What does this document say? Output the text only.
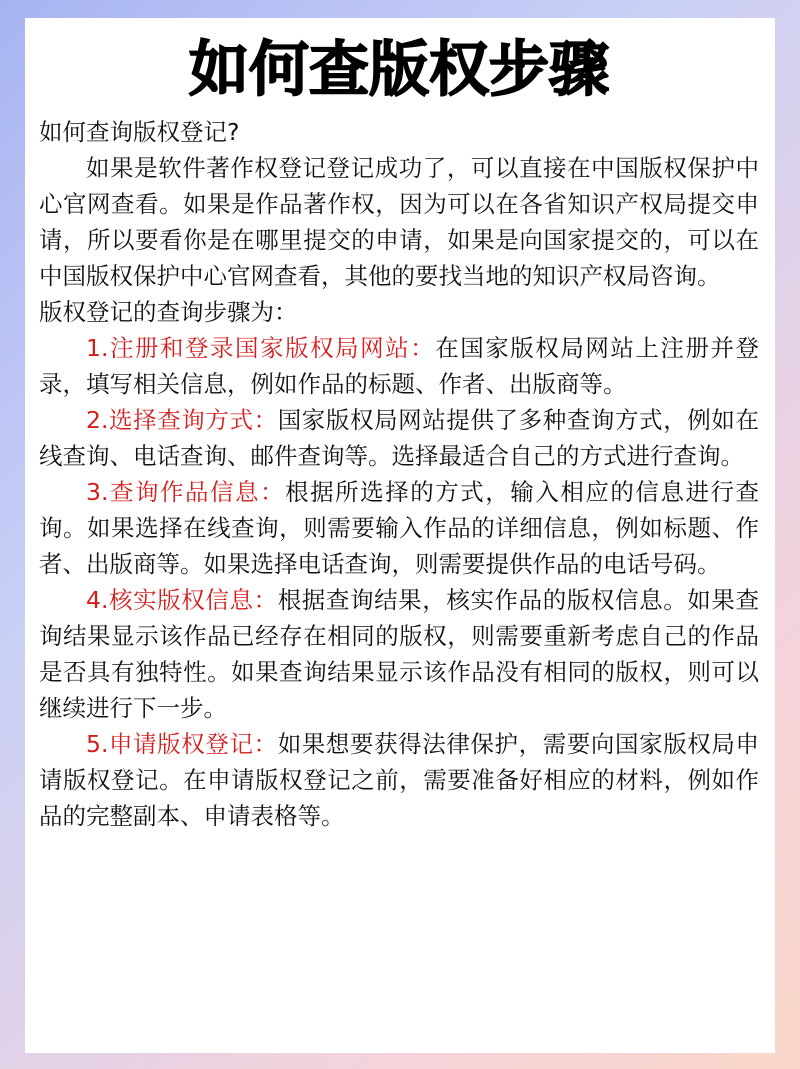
如何查版权步骤

如何查询版权登记?

如果是软件著作权登记登记成功了，可以直接在中国版权保护中心官网查看。如果是作品著作权，因为可以在各省知识产权局提交申请，所以要看你是在哪里提交的申请，如果是向国家提交的，可以在中国版权保护中心官网查看，其他的要找当地的知识产权局咨询。

版权登记的查询步骤为：

1.注册和登录国家版权局网站：在国家版权局网站上注册并登录，填写相关信息，例如作品的标题、作者、出版商等。

2.选择查询方式：国家版权局网站提供了多种查询方式，例如在线查询、电话查询、邮件查询等。选择最适合自己的方式进行查询。

3.查询作品信息：根据所选择的方式，输入相应的信息进行查询。如果选择在线查询，则需要输入作品的详细信息，例如标题、作者、出版商等。如果选择电话查询，则需要提供作品的电话号码。

4.核实版权信息：根据查询结果，核实作品的版权信息。如果查询结果显示该作品已经存在相同的版权，则需要重新考虑自己的作品是否具有独特性。如果查询结果显示该作品没有相同的版权，则可以继续进行下一步。

5.申请版权登记：如果想要获得法律保护，需要向国家版权局申请版权登记。在申请版权登记之前，需要准备好相应的材料，例如作品的完整副本、申请表格等。
